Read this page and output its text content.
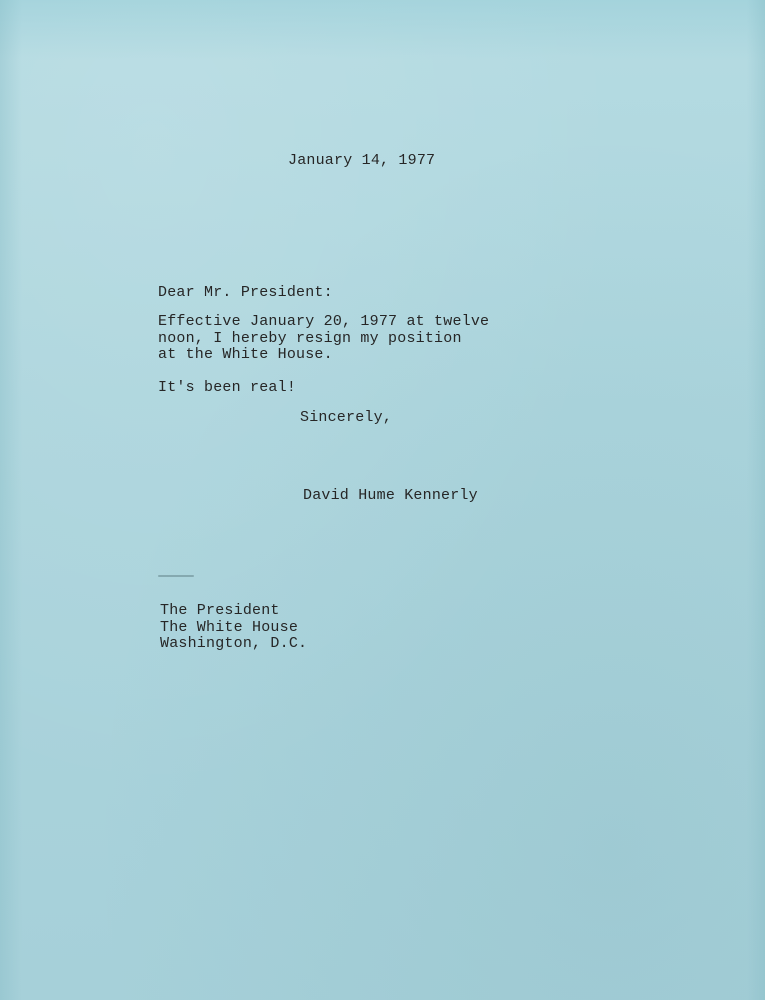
January 14, 1977
Dear Mr. President:
Effective January 20, 1977 at twelve
noon, I hereby resign my position
at the White House.
It's been real!
Sincerely,
David Hume Kennerly
The President
The White House
Washington, D.C.
